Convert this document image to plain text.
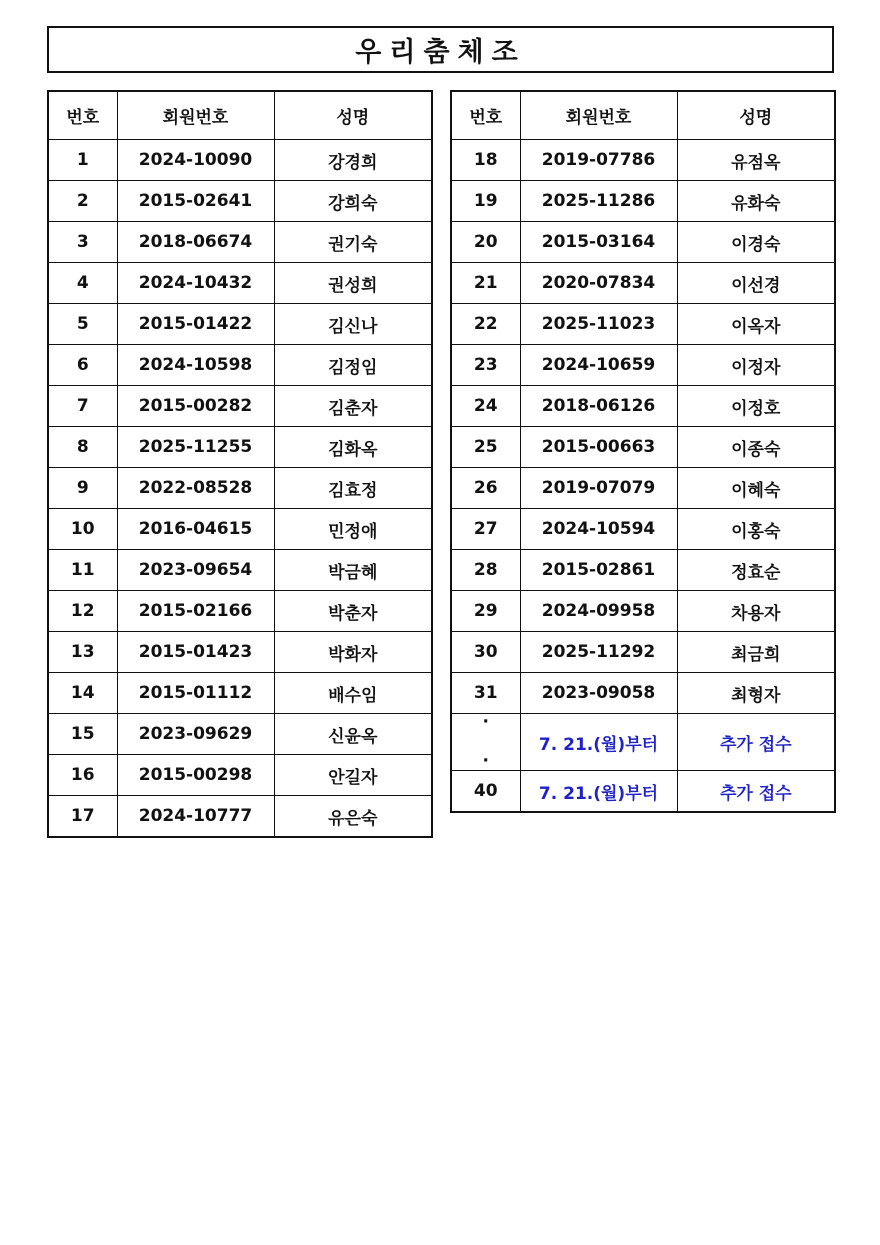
우리춤체조
번호	회원번호	성명
1	2024-10090	강경희
2	2015-02641	강희숙
3	2018-06674	권기숙
4	2024-10432	권성희
5	2015-01422	김신나
6	2024-10598	김정임
7	2015-00282	김춘자
8	2025-11255	김화옥
9	2022-08528	김효정
10	2016-04615	민정애
11	2023-09654	박금혜
12	2015-02166	박춘자
13	2015-01423	박화자
14	2015-01112	배수임
15	2023-09629	신윤옥
16	2015-00298	안길자
17	2024-10777	유은숙
번호	회원번호	성명
18	2019-07786	유점옥
19	2025-11286	유화숙
20	2015-03164	이경숙
21	2020-07834	이선경
22	2025-11023	이옥자
23	2024-10659	이정자
24	2018-06126	이정호
25	2015-00663	이종숙
26	2019-07079	이혜숙
27	2024-10594	이홍숙
28	2015-02861	정효순
29	2024-09958	차용자
30	2025-11292	최금희
31	2023-09058	최형자

·
·	7. 21.(월)부터	추가 접수

40	7. 21.(월)부터	추가 접수
